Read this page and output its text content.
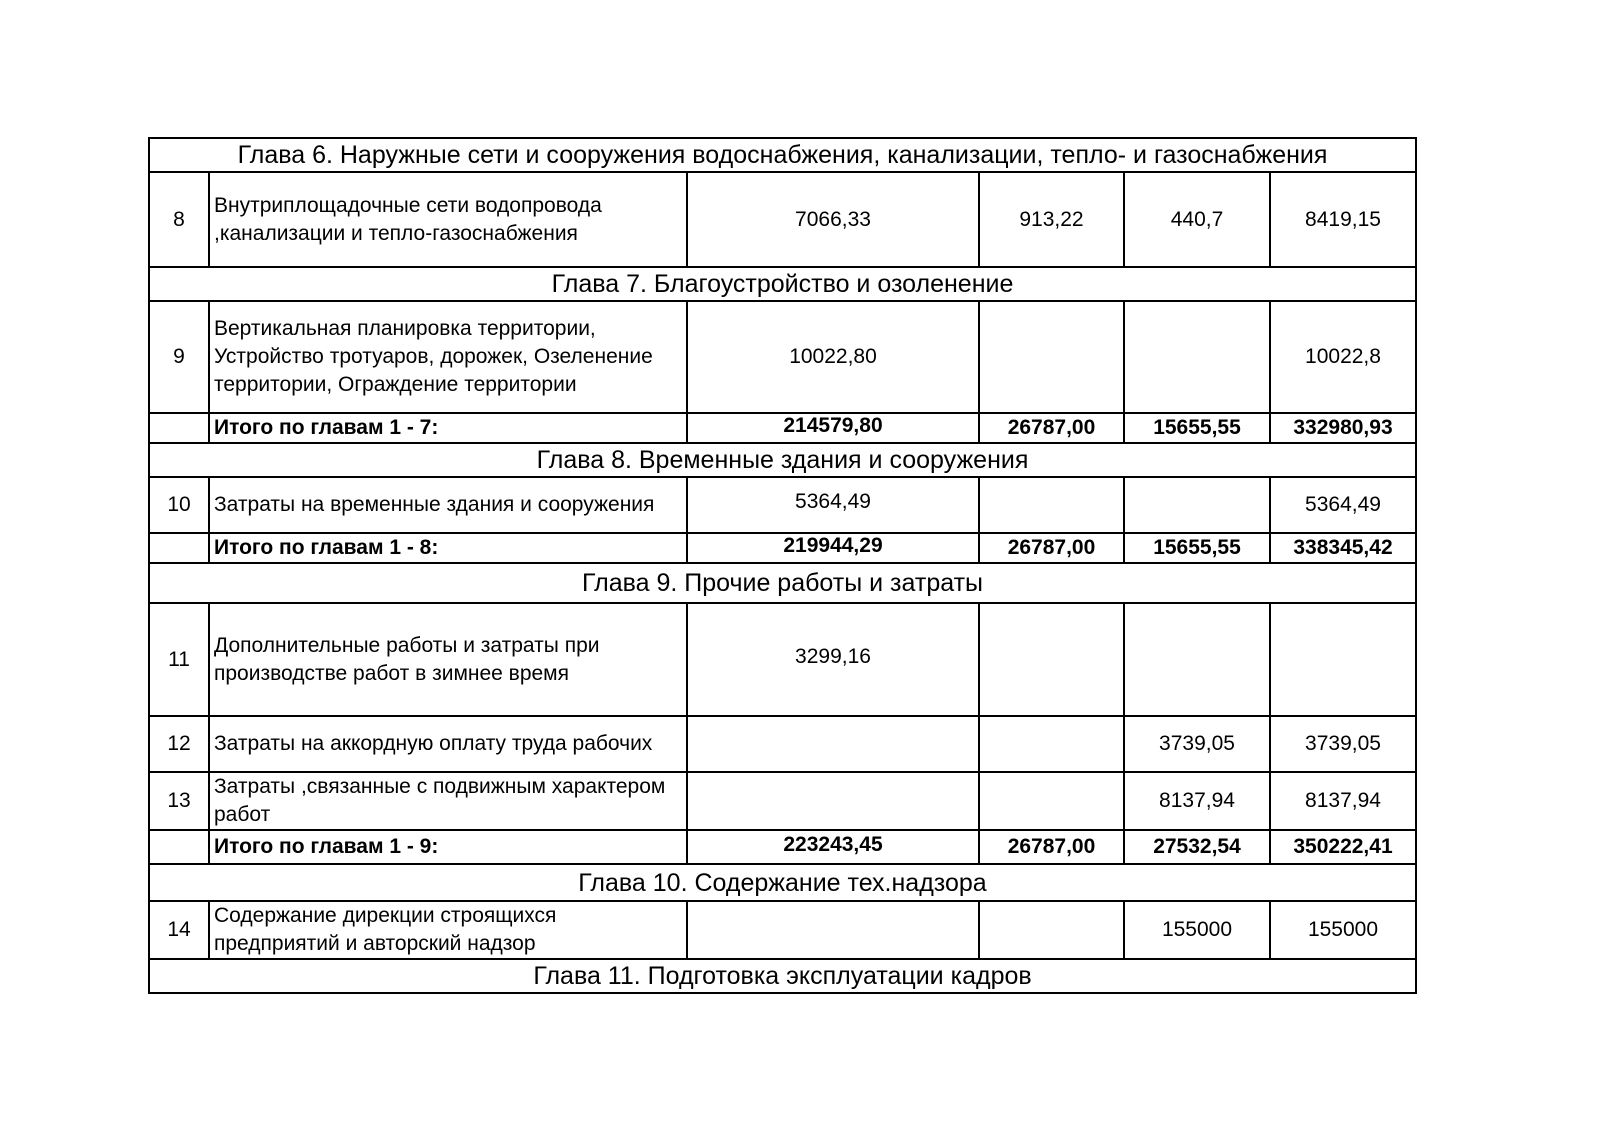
Глава 6. Наружные сети и сооружения водоснабжения, канализации, тепло- и газоснабжения					
8	Внутриплощадочные сети водопровода ,канализации и тепло-газоснабжения	7066,33	913,22	440,7	8419,15
Глава 7. Благоустройство и озоленение					
9	Вертикальная планировка территории, Устройство тротуаров, дорожек, Озеленение территории, Ограждение территории	10022,80			10022,8
	Итого по главам 1 - 7:	214579,80	26787,00	15655,55	332980,93
Глава 8. Временные здания и сооружения					
10	Затраты на временные здания и сооружения	5364,49			5364,49
	Итого по главам 1 - 8:	219944,29	26787,00	15655,55	338345,42
Глава 9. Прочие работы и затраты					
11	Дополнительные работы и затраты при производстве работ в зимнее время	3299,16			
12	Затраты на аккордную оплату труда рабочих			3739,05	3739,05
13	Затраты ,связанные с подвижным характером работ			8137,94	8137,94
	Итого по главам 1 - 9:	223243,45	26787,00	27532,54	350222,41
Глава 10. Содержание тех.надзора					
14	Содержание дирекции строящихся предприятий и авторский надзор			155000	155000
Глава 11. Подготовка эксплуатации кадров					
